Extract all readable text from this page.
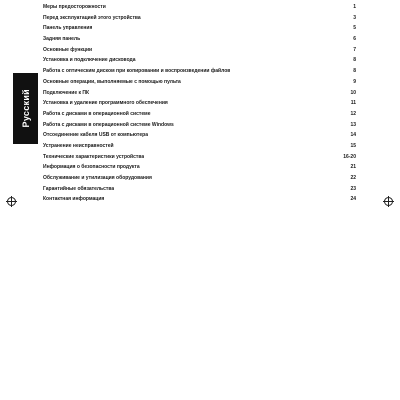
Русский
Меры предосторожности	1
Перед эксплуатацией этого устройства	3
Панель управления	5
Задняя панель	6
Основные функции	7
Установка и подключение дисковода	8
Работа с оптическим диском при копировании и воспроизведении файлов	8
Основные операции, выполняемые с помощью пульта	9
Подключение к ПК	10
Установка и удаление программного обеспечения	11
Работа с дисками в операционной системе	12
Работа с дисками в операционной системе Windows	13
Отсоединение кабеля USB от компьютера	14
Устранение неисправностей	15
Технические характеристики устройства	16-20
Информация о безопасности продукта	21
Обслуживание и утилизация оборудования	22
Гарантийные обязательства	23
Контактная информация	24
